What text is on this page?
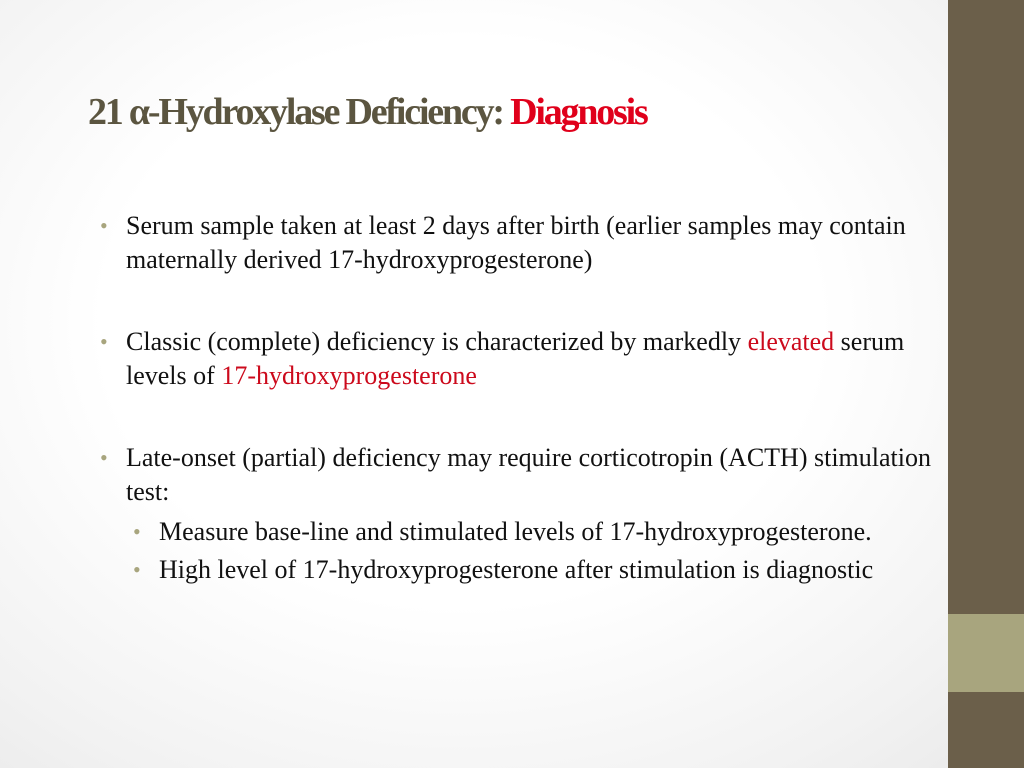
21 α-Hydroxylase Deficiency: Diagnosis
• Serum sample taken at least 2 days after birth (earlier samples may contain maternally derived 17-hydroxyprogesterone)
• Classic (complete) deficiency is characterized by markedly elevated serum levels of 17-hydroxyprogesterone
• Late-onset (partial) deficiency may require corticotropin (ACTH) stimulation test:
• Measure base-line and stimulated levels of 17-hydroxyprogesterone.
• High level of 17-hydroxyprogesterone after stimulation is diagnostic
